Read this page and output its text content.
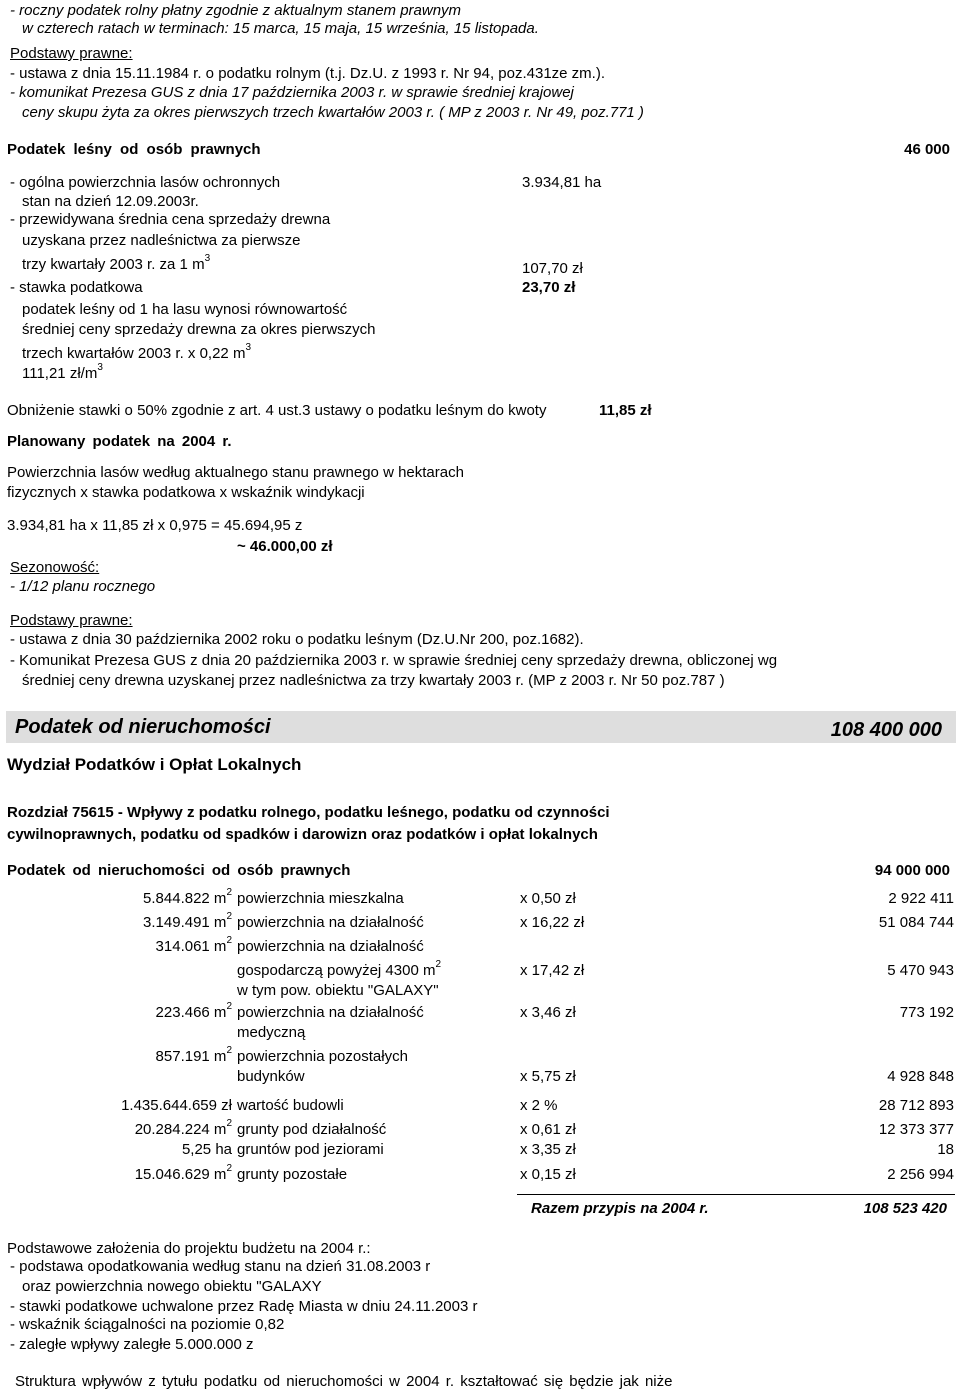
- roczny podatek rolny płatny zgodnie z aktualnym stanem prawnym
w czterech ratach w terminach: 15 marca, 15 maja, 15 września, 15 listopada.
Podstawy prawne:
- ustawa z dnia 15.11.1984 r. o podatku rolnym (t.j. Dz.U. z 1993 r. Nr 94, poz.431ze zm.).
- komunikat Prezesa GUS z dnia 17 października 2003 r. w sprawie średniej krajowej
ceny skupu żyta za okres pierwszych trzech kwartałów 2003 r. ( MP z 2003 r. Nr 49, poz.771 )
Podatek leśny od osób prawnych	46 000
- ogólna powierzchnia lasów ochronnych	3.934,81 ha
stan na dzień 12.09.2003r.
- przewidywana średnia cena sprzedaży drewna
uzyskana przez nadleśnictwa za pierwsze
trzy kwartały 2003 r. za 1 $m^3$
107,70 zł
- stawka podatkowa	23,70 zł
podatek leśny od 1 ha lasu wynosi równowartość
średniej ceny sprzedaży drewna za okres pierwszych
trzech kwartałów 2003 r. x 0,22 $m^3$
111,21 $zł/m^3$
Obniżenie stawki o 50% zgodnie z art. 4 ust.3 ustawy o podatku leśnym do kwoty	11,85 zł
Planowany podatek na 2004 r.
Powierzchnia lasów według aktualnego stanu prawnego w hektarach
fizycznych x stawka podatkowa x wskaźnik windykacji
3.934,81 ha x 11,85 zł x 0,975 = 45.694,95 z
~ 46.000,00 zł
Sezonowość:
- 1/12 planu rocznego
Podstawy prawne:
- ustawa z dnia 30 października 2002 roku o podatku leśnym (Dz.U.Nr 200, poz.1682).
- Komunikat Prezesa GUS z dnia 20 października 2003 r. w sprawie średniej ceny sprzedaży drewna, obliczonej wg
średniej ceny drewna uzyskanej przez nadleśnictwa za trzy kwartały 2003 r. (MP z 2003 r. Nr 50 poz.787 )
Podatek od nieruchomości	108 400 000
Wydział Podatków i Opłat Lokalnych
Rozdział 75615 - Wpływy z podatku rolnego, podatku leśnego, podatku od czynności
cywilnoprawnych, podatku od spadków i darowizn oraz podatków i opłat lokalnych
Podatek od nieruchomości od osób prawnych	94 000 000
5.844.822 $m^2$ powierzchnia mieszkalna	x 0,50 zł	2 922 411
3.149.491 $m^2$ powierzchnia na działalność	x 16,22 zł	51 084 744
314.061 $m^2$ powierzchnia na działalność
gospodarczą powyżej 4300 $m^2$
w tym pow. obiektu "GALAXY"
x 17,42 zł	5 470 943
223.466 $m^2$ powierzchnia na działalność
medyczną
x 3,46 zł	773 192
857.191 $m^2$ powierzchnia pozostałych
budynków	x 5,75 zł	4 928 848
1.435.644.659 zł wartość budowli	x 2 %	28 712 893
20.284.224 $m^2$ grunty pod działalność	x 0,61 zł	12 373 377
5,25 ha gruntów pod jeziorami	x 3,35 zł	18
15.046.629 $m^2$ grunty pozostałe	x 0,15 zł	2 256 994
Razem przypis na 2004 r.	108 523 420
Podstawowe założenia do projektu budżetu na 2004 r.:
- podstawa opodatkowania według stanu na dzień 31.08.2003 r
oraz powierzchnia nowego obiektu "GALAXY
- stawki podatkowe uchwalone przez Radę Miasta w dniu 24.11.2003 r
- wskaźnik ściągalności na poziomie 0,82
- zaległe wpływy zaległe 5.000.000 z
Struktura wpływów z tytułu podatku od nieruchomości w 2004 r. kształtować się będzie jak niże
